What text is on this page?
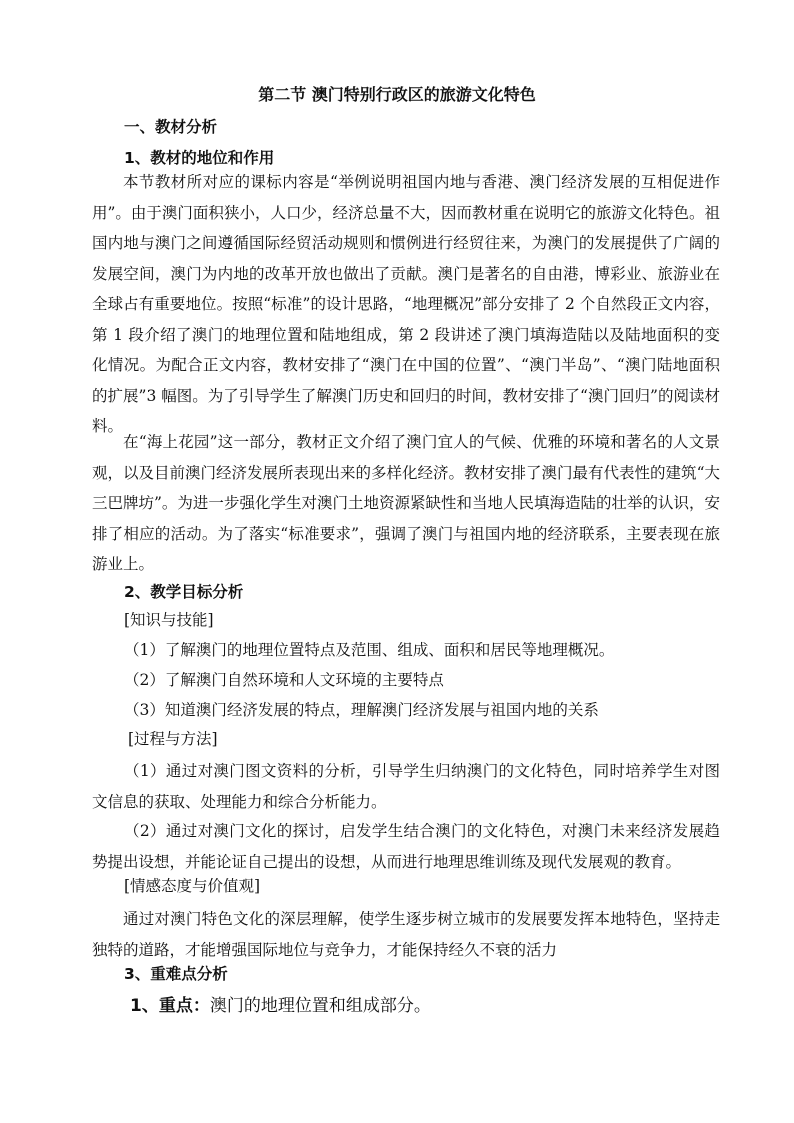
第二节 澳门特别行政区的旅游文化特色
一、教材分析
1、教材的地位和作用
本节教材所对应的课标内容是“举例说明祖国内地与香港、澳门经济发展的互相促进作用”。由于澳门面积狭小，人口少，经济总量不大，因而教材重在说明它的旅游文化特色。祖国内地与澳门之间遵循国际经贸活动规则和惯例进行经贸往来，为澳门的发展提供了广阔的发展空间，澳门为内地的改革开放也做出了贡献。澳门是著名的自由港，博彩业、旅游业在全球占有重要地位。按照“标准”的设计思路，“地理概况”部分安排了 2 个自然段正文内容，第 1 段介绍了澳门的地理位置和陆地组成，第 2 段讲述了澳门填海造陆以及陆地面积的变化情况。为配合正文内容，教材安排了“澳门在中国的位置”、“澳门半岛”、“澳门陆地面积的扩展”3 幅图。为了引导学生了解澳门历史和回归的时间，教材安排了“澳门回归”的阅读材料。
在“海上花园”这一部分，教材正文介绍了澳门宜人的气候、优雅的环境和著名的人文景观，以及目前澳门经济发展所表现出来的多样化经济。教材安排了澳门最有代表性的建筑“大三巴牌坊”。为进一步强化学生对澳门土地资源紧缺性和当地人民填海造陆的壮举的认识，安排了相应的活动。为了落实“标准要求”，强调了澳门与祖国内地的经济联系，主要表现在旅游业上。
2、教学目标分析
[知识与技能]
（1）了解澳门的地理位置特点及范围、组成、面积和居民等地理概况。
（2）了解澳门自然环境和人文环境的主要特点
（3）知道澳门经济发展的特点，理解澳门经济发展与祖国内地的关系
[过程与方法]
（1）通过对澳门图文资料的分析，引导学生归纳澳门的文化特色，同时培养学生对图文信息的获取、处理能力和综合分析能力。
（2）通过对澳门文化的探讨，启发学生结合澳门的文化特色，对澳门未来经济发展趋势提出设想，并能论证自己提出的设想，从而进行地理思维训练及现代发展观的教育。
[情感态度与价值观]
通过对澳门特色文化的深层理解，使学生逐步树立城市的发展要发挥本地特色，坚持走独特的道路，才能增强国际地位与竞争力，才能保持经久不衰的活力
3、重难点分析
1、重点：澳门的地理位置和组成部分。
